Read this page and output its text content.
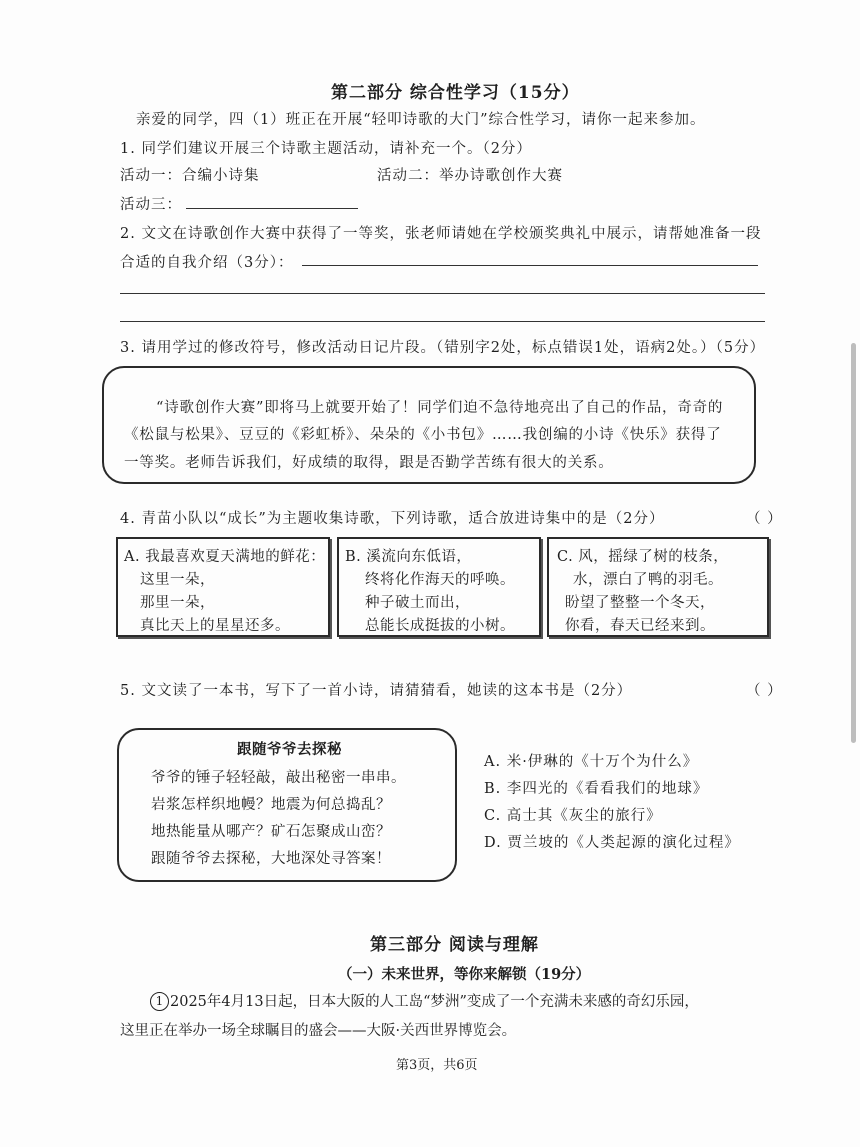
第二部分 综合性学习（15分）
亲爱的同学，四（1）班正在开展“轻叩诗歌的大门”综合性学习，请你一起来参加。
1. 同学们建议开展三个诗歌主题活动，请补充一个。（2分）
活动一：合编小诗集	活动二：举办诗歌创作大赛
活动三：
2. 文文在诗歌创作大赛中获得了一等奖，张老师请她在学校颁奖典礼中展示，请帮她准备一段
合适的自我介绍（3分）：
3. 请用学过的修改符号，修改活动日记片段。（错别字2处，标点错误1处，语病2处。）（5分）
“诗歌创作大赛”即将马上就要开始了！同学们迫不急待地亮出了自己的作品，奇奇的
《松鼠与松果》、豆豆的《彩虹桥》、朵朵的《小书包》……我创编的小诗《快乐》获得了
一等奖。老师告诉我们，好成绩的取得，跟是否勤学苦练有很大的关系。
4. 青苗小队以“成长”为主题收集诗歌，下列诗歌，适合放进诗集中的是（2分）	（ ）
A. 我最喜欢夏天满地的鲜花：
这里一朵，
那里一朵，
真比天上的星星还多。
B. 溪流向东低语，
终将化作海天的呼唤。
种子破土而出，
总能长成挺拔的小树。
C. 风，摇绿了树的枝条，
水，漂白了鸭的羽毛。
盼望了整整一个冬天，
你看，春天已经来到。
5. 文文读了一本书，写下了一首小诗，请猜猜看，她读的这本书是（2分）	（ ）
跟随爷爷去探秘
爷爷的锤子轻轻敲，敲出秘密一串串。
岩浆怎样织地幔？地震为何总捣乱？
地热能量从哪产？矿石怎聚成山峦？
跟随爷爷去探秘，大地深处寻答案！
A. 米·伊琳的《十万个为什么》
B. 李四光的《看看我们的地球》
C. 高士其《灰尘的旅行》
D. 贾兰坡的《人类起源的演化过程》
第三部分 阅读与理解
（一）未来世界，等你来解锁（19分）
1 2025年4月13日起，日本大阪的人工岛“梦洲”变成了一个充满未来感的奇幻乐园，
这里正在举办一场全球瞩目的盛会——大阪·关西世界博览会。
第3页，共6页
